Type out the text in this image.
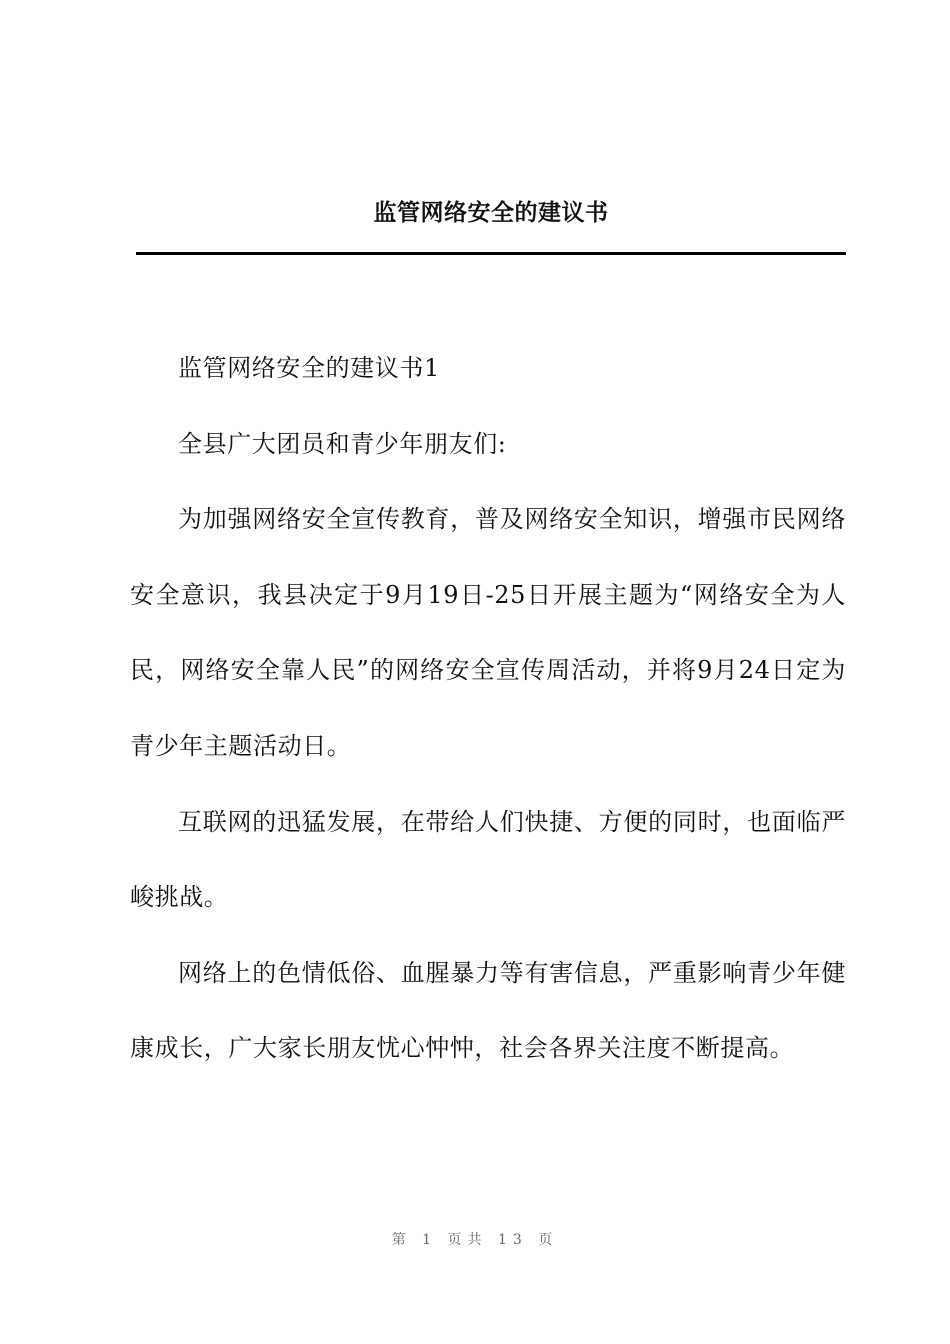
监管网络安全的建议书

监管网络安全的建议书1

全县广大团员和青少年朋友们:

为加强网络安全宣传教育，普及网络安全知识，增强市民网络安全意识，我县决定于9月19日-25日开展主题为“网络安全为人民，网络安全靠人民”的网络安全宣传周活动，并将9月24日定为青少年主题活动日。

互联网的迅猛发展，在带给人们快捷、方便的同时，也面临严峻挑战。

网络上的色情低俗、血腥暴力等有害信息，严重影响青少年健康成长，广大家长朋友忧心忡忡，社会各界关注度不断提高。

第 1 页共 13 页
